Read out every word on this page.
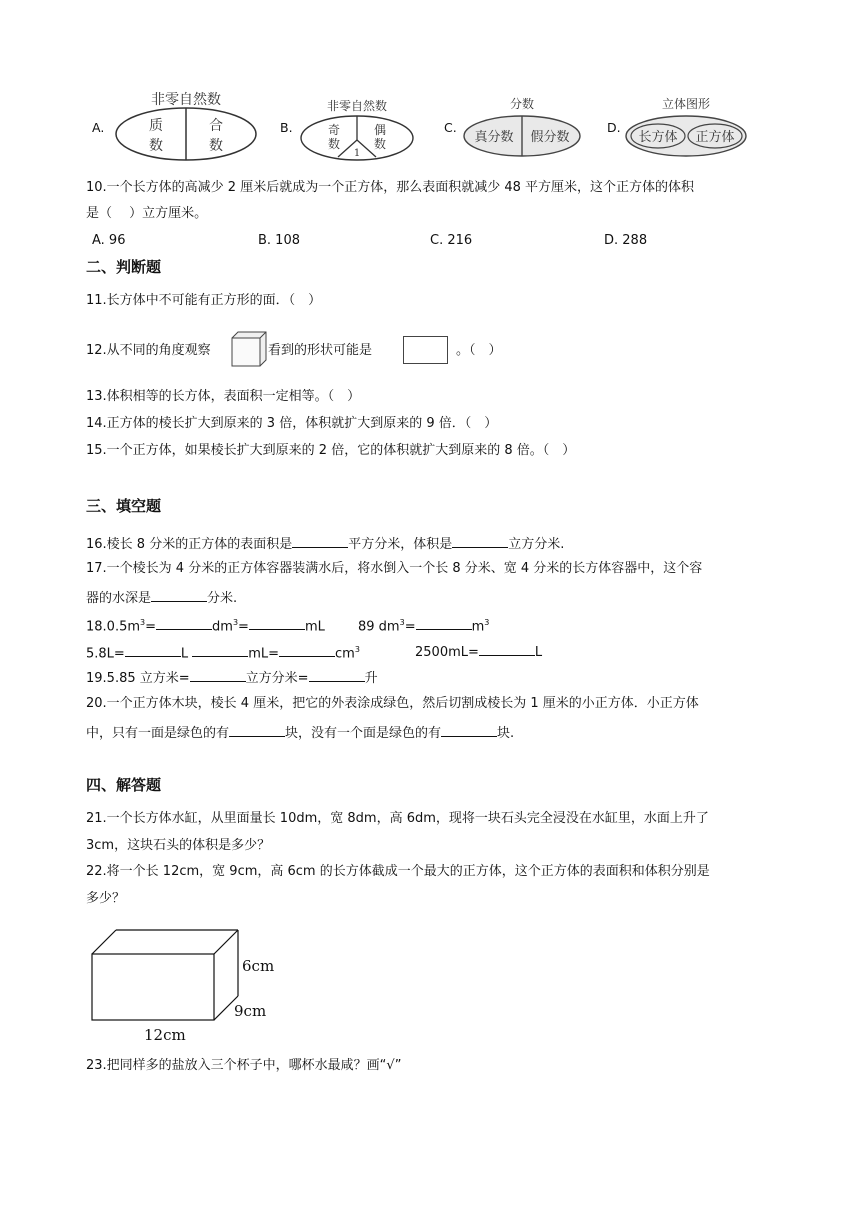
A.
非零自然数
质
数
合
数
B.
非零自然数
奇
数
偶
数
1
C.
分数
真分数 假分数
D.
立体图形
长方体 正方体
10.一个长方体的高减少 2 厘米后就成为一个正方体，那么表面积就减少 48 平方厘米，这个正方体的体积
是（　 ）立方厘米。
A. 96	B. 108	C. 216	D. 288
二、判断题
11.长方体中不可能有正方形的面．（　）
12.从不同的角度观察	看到的形状可能是	。（　）
13.体积相等的长方体，表面积一定相等。（　）
14.正方体的棱长扩大到原来的 3 倍，体积就扩大到原来的 9 倍．（　）
15.一个正方体，如果棱长扩大到原来的 2 倍，它的体积就扩大到原来的 8 倍。（　）
三、填空题
16.棱长 8 分米的正方体的表面积是	平方分米，体积是	立方分米.
17.一个棱长为 4 分米的正方体容器装满水后，将水倒入一个长 8 分米、宽 4 分米的长方体容器中，这个容
器的水深是	分米.
$18.0.5m^3=$	$dm^3=$	mL	89 $dm^3=$	$m^3$
5.8L=	L	mL=	$cm^3$	2500mL=	L
19.5.85 立方米=	立方分米=	升
20.一个正方体木块，棱长 4 厘米，把它的外表涂成绿色，然后切割成棱长为 1 厘米的小正方体．小正方体
中，只有一面是绿色的有	块，没有一个面是绿色的有	块.
四、解答题
21.一个长方体水缸，从里面量长 10dm，宽 8dm，高 6dm，现将一块石头完全浸没在水缸里，水面上升了
3cm，这块石头的体积是多少？
22.将一个长 12cm，宽 9cm，高 6cm 的长方体截成一个最大的正方体，这个正方体的表面积和体积分别是
多少？
6cm
9cm
12cm
23.把同样多的盐放入三个杯子中，哪杯水最咸？画“√”
